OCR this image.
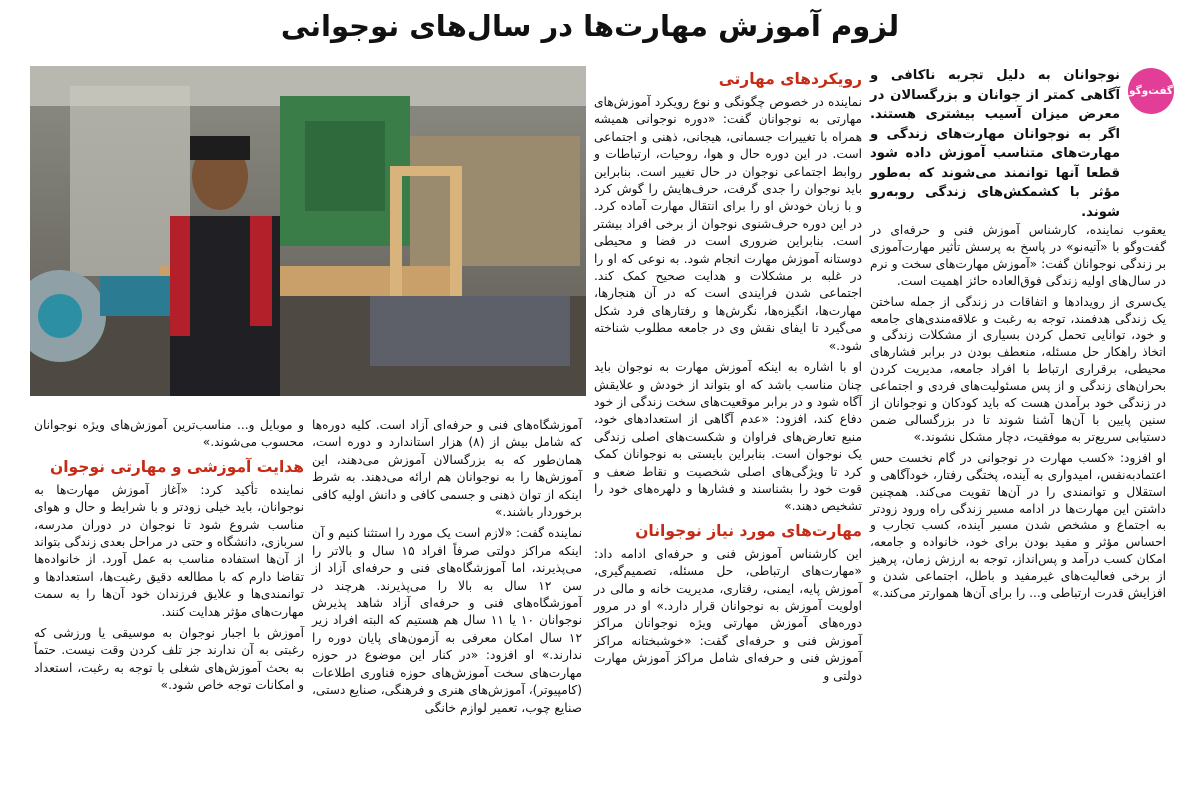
لزوم آموزش مهارت‌ها در سال‌های نوجوانی
گفت‌وگو
نوجوانان به دلیل تجربه ناکافی و آگاهی کمتر از جوانان و بزرگسالان در معرض میزان آسیب بیشتری هستند. اگر به نوجوانان مهارت‌های زندگی و مهارت‌های متناسب آموزش داده شود قطعا آنها توانمند می‌شوند که به‌طور مؤثر با کشمکش‌های زندگی روبه‌رو شوند.

یعقوب نماینده، کارشناس آموزش فنی و حرفه‌ای در گفت‌وگو با «آتیه‌نو» در پاسخ به پرسش تأثیر مهارت‌آموزی بر زندگی نوجوانان گفت: «آموزش مهارت‌های سخت و نرم در سال‌های اولیه زندگی فوق‌العاده حائز اهمیت است.

یک‌سری از رویدادها و اتفاقات در زندگی از جمله ساختن یک زندگی هدفمند، توجه به رغبت و علاقه‌مندی‌های جامعه و خود، توانایی تحمل کردن بسیاری از مشکلات زندگی و اتخاذ راهکار حل مسئله، منعطف بودن در برابر فشارهای محیطی، برقراری ارتباط با افراد جامعه، مدیریت کردن بحران‌های زندگی و از پس مسئولیت‌های فردی و اجتماعی در زندگی خود برآمدن هست که باید کودکان و نوجوانان از سنین پایین با آن‌ها آشنا شوند تا در بزرگسالی ضمن دستیابی سریع‌تر به موفقیت، دچار مشکل نشوند.»

او افزود: «کسب مهارت در نوجوانی در گام نخست حس اعتماد‌به‌نفس، امیدواری به آینده، پختگی رفتار، خودآگاهی و استقلال و توانمندی را در آن‌ها تقویت می‌کند. همچنین داشتن این مهارت‌ها در ادامه مسیر زندگی راه ورود زودتر به اجتماع و مشخص شدن مسیر آینده، کسب تجارب و احساس مؤثر و مفید بودن برای خود، خانواده و جامعه، امکان کسب درآمد و پس‌انداز، توجه به ارزش زمان، پرهیز از برخی فعالیت‌های غیرمفید و باطل، اجتماعی شدن و افزایش قدرت ارتباطی و... را برای آن‌ها هموارتر می‌کند.»

رویکردهای مهارتی

نماینده در خصوص چگونگی و نوع رویکرد آموزش‌های مهارتی به نوجوانان گفت: «دوره نوجوانی همیشه همراه با تغییرات جسمانی، هیجانی، ذهنی و اجتماعی است. در این دوره حال و هوا، روحیات، ارتباطات و روابط اجتماعی نوجوان در حال تغییر است. بنابراین باید نوجوان را جدی گرفت، حرف‌هایش را گوش کرد و با زبان خودش او را برای انتقال مهارت آماده کرد. در این دوره حرف‌شنوی نوجوان از برخی افراد بیشتر است. بنابراین ضروری است در فضا و محیطی دوستانه آموزش مهارت انجام شود. به نوعی که او را در غلبه بر مشکلات و هدایت صحیح کمک کند. اجتماعی شدن فرایندی است که در آن هنجارها، مهارت‌ها، انگیزه‌ها، نگرش‌ها و رفتارهای فرد شکل می‌گیرد تا ایفای نقش وی در جامعه مطلوب شناخته شود.»

او با اشاره به اینکه آموزش مهارت به نوجوان باید چنان مناسب باشد که او بتواند از خودش و علایقش آگاه شود و در برابر موقعیت‌های سخت زندگی از خود دفاع کند، افزود: «عدم آگاهی از استعدادهای خود، منبع تعارض‌های فراوان و شکست‌های اصلی زندگی یک نوجوان است. بنابراین بایستی به نوجوانان کمک کرد تا ویژگی‌های اصلی شخصیت و نقاط ضعف و قوت خود را بشناسند و فشارها و دلهره‌های خود را تشخیص دهند.»

مهارت‌های مورد نیاز نوجوانان

این کارشناس آموزش فنی و حرفه‌ای ادامه داد: «مهارت‌های ارتباطی، حل مسئله، تصمیم‌گیری، آموزش پایه، ایمنی، رفتاری، مدیریت خانه و مالی در اولویت آموزش به نوجوانان قرار دارد.» او در مرور دوره‌های آموزش مهارتی ویژه نوجوانان مراکز آموزش فنی و حرفه‌ای گفت: «خوشبختانه مراکز آموزش فنی و حرفه‌ای شامل مراکز آموزش مهارت دولتی و

آموزشگاه‌های فنی و حرفه‌ای آزاد است. کلیه دوره‌ها که شامل بیش از (۸) هزار استاندارد و دوره است، همان‌طور که به بزرگسالان آموزش می‌دهند، این آموزش‌ها را به نوجوانان هم ارائه می‌دهند. به شرط اینکه از توان ذهنی و جسمی کافی و دانش اولیه کافی برخوردار باشند.»

نماینده گفت: «لازم است یک مورد را استثنا کنیم و آن اینکه مراکز دولتی صرفاً افراد ۱۵ سال و بالاتر را می‌پذیرند، اما آموزشگاه‌های فنی و حرفه‌ای آزاد از سن ۱۲ سال به بالا را می‌پذیرند. هرچند در آموزشگاه‌های فنی و حرفه‌ای آزاد شاهد پذیرش نوجوانان ۱۰ یا ۱۱ سال هم هستیم که البته افراد زیر ۱۲ سال امکان معرفی به آزمون‌های پایان دوره را ندارند.» او افزود: «در کنار این موضوع در حوزه مهارت‌های سخت آموزش‌های حوزه فناوری اطلاعات (کامپیوتر)، آموزش‌های هنری و فرهنگی، صنایع دستی، صنایع چوب، تعمیر لوازم خانگی

و موبایل و... مناسب‌ترین آموزش‌های ویژه نوجوانان محسوب می‌شوند.»

هدایت آموزشی و مهارتی نوجوان

نماینده تأکید کرد: «آغاز آموزش مهارت‌ها به نوجوانان، باید خیلی زودتر و با شرایط و حال و هوای مناسب شروع شود تا نوجوان در دوران مدرسه، سربازی، دانشگاه و حتی در مراحل بعدی زندگی بتواند از آن‌ها استفاده مناسب به عمل آورد. از خانواده‌ها تقاضا دارم که با مطالعه دقیق رغبت‌ها، استعدادها و توانمندی‌ها و علایق فرزندان خود آن‌ها را به سمت مهارت‌های مؤثر هدایت کنند.

آموزش با اجبار نوجوان به موسیقی یا ورزشی که رغبتی به آن ندارند جز تلف کردن وقت نیست. حتماً به بحث آموزش‌های شغلی با توجه به رغبت، استعداد و امکانات توجه خاص شود.»
